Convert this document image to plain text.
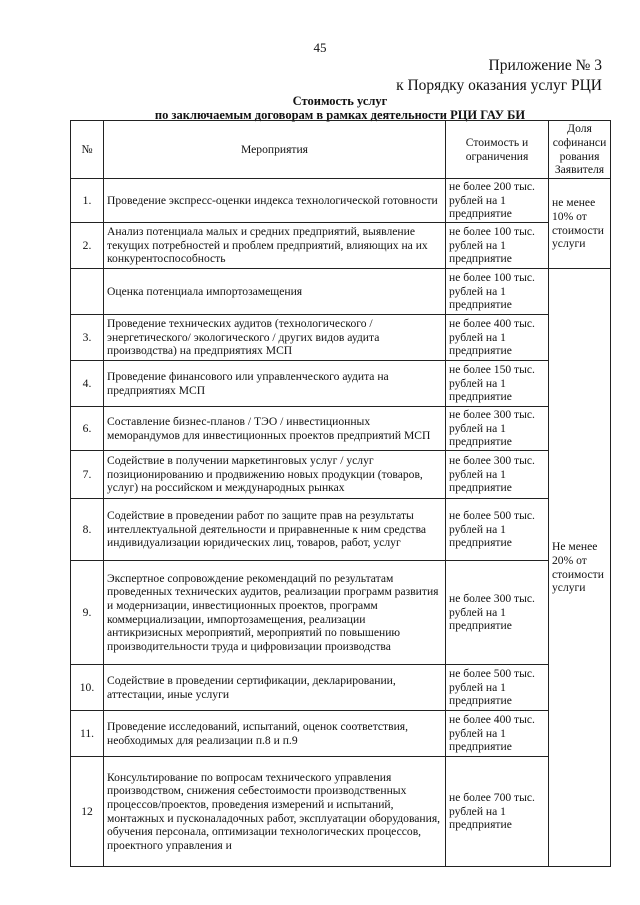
45
Приложение № 3
к Порядку оказания услуг РЦИ
Стоимость услуг
по заключаемым договорам в рамках деятельности РЦИ ГАУ БИ
№	Мероприятия	Стоимость и ограничения	Доля софинанси рования Заявителя
1.	Проведение экспресс-оценки индекса технологической готовности	не более 200 тыс. рублей на 1 предприятие	не менее 10% от стоимости услуги
2.	Анализ потенциала малых и средних предприятий, выявление текущих потребностей и проблем предприятий, влияющих на их конкурентоспособность	не более 100 тыс. рублей на 1 предприятие	
	Оценка потенциала импортозамещения	не более 100 тыс. рублей на 1 предприятие	Не менее 20% от стоимости услуги
3.	Проведение технических аудитов (технологического / энергетического/ экологического / других видов аудита производства) на предприятиях МСП	не более 400 тыс. рублей на 1 предприятие	
4.	Проведение финансового или управленческого аудита на предприятиях МСП	не более 150 тыс. рублей на 1 предприятие	
6.	Составление бизнес-планов / ТЭО / инвестиционных меморандумов для инвестиционных проектов предприятий МСП	не более 300 тыс. рублей на 1 предприятие	
7.	Содействие в получении маркетинговых услуг / услуг позиционированию и продвижению новых продукции (товаров, услуг) на российском и международных рынках	не более 300 тыс. рублей на 1 предприятие	
8.	Содействие в проведении работ по защите прав на результаты интеллектуальной деятельности и приравненные к ним средства индивидуализации юридических лиц, товаров, работ, услуг	не более 500 тыс. рублей на 1 предприятие	
9.	Экспертное сопровождение рекомендаций по результатам проведенных технических аудитов, реализации программ развития и модернизации, инвестиционных проектов, программ коммерциализации, импортозамещения, реализации антикризисных мероприятий, мероприятий по повышению производительности труда и цифровизации производства	не более 300 тыс. рублей на 1 предприятие	
10.	Содействие в проведении сертификации, декларировании, аттестации, иные услуги	не более 500 тыс. рублей на 1 предприятие	
11.	Проведение исследований, испытаний, оценок соответствия, необходимых для реализации п.8 и п.9	не более 400 тыс. рублей на 1 предприятие	
12	Консультирование по вопросам технического управления производством, снижения себестоимости производственных процессов/проектов, проведения измерений и испытаний, монтажных и пусконаладочных работ, эксплуатации оборудования, обучения персонала, оптимизации технологических процессов, проектного управления и	не более 700 тыс. рублей на 1 предприятие	
